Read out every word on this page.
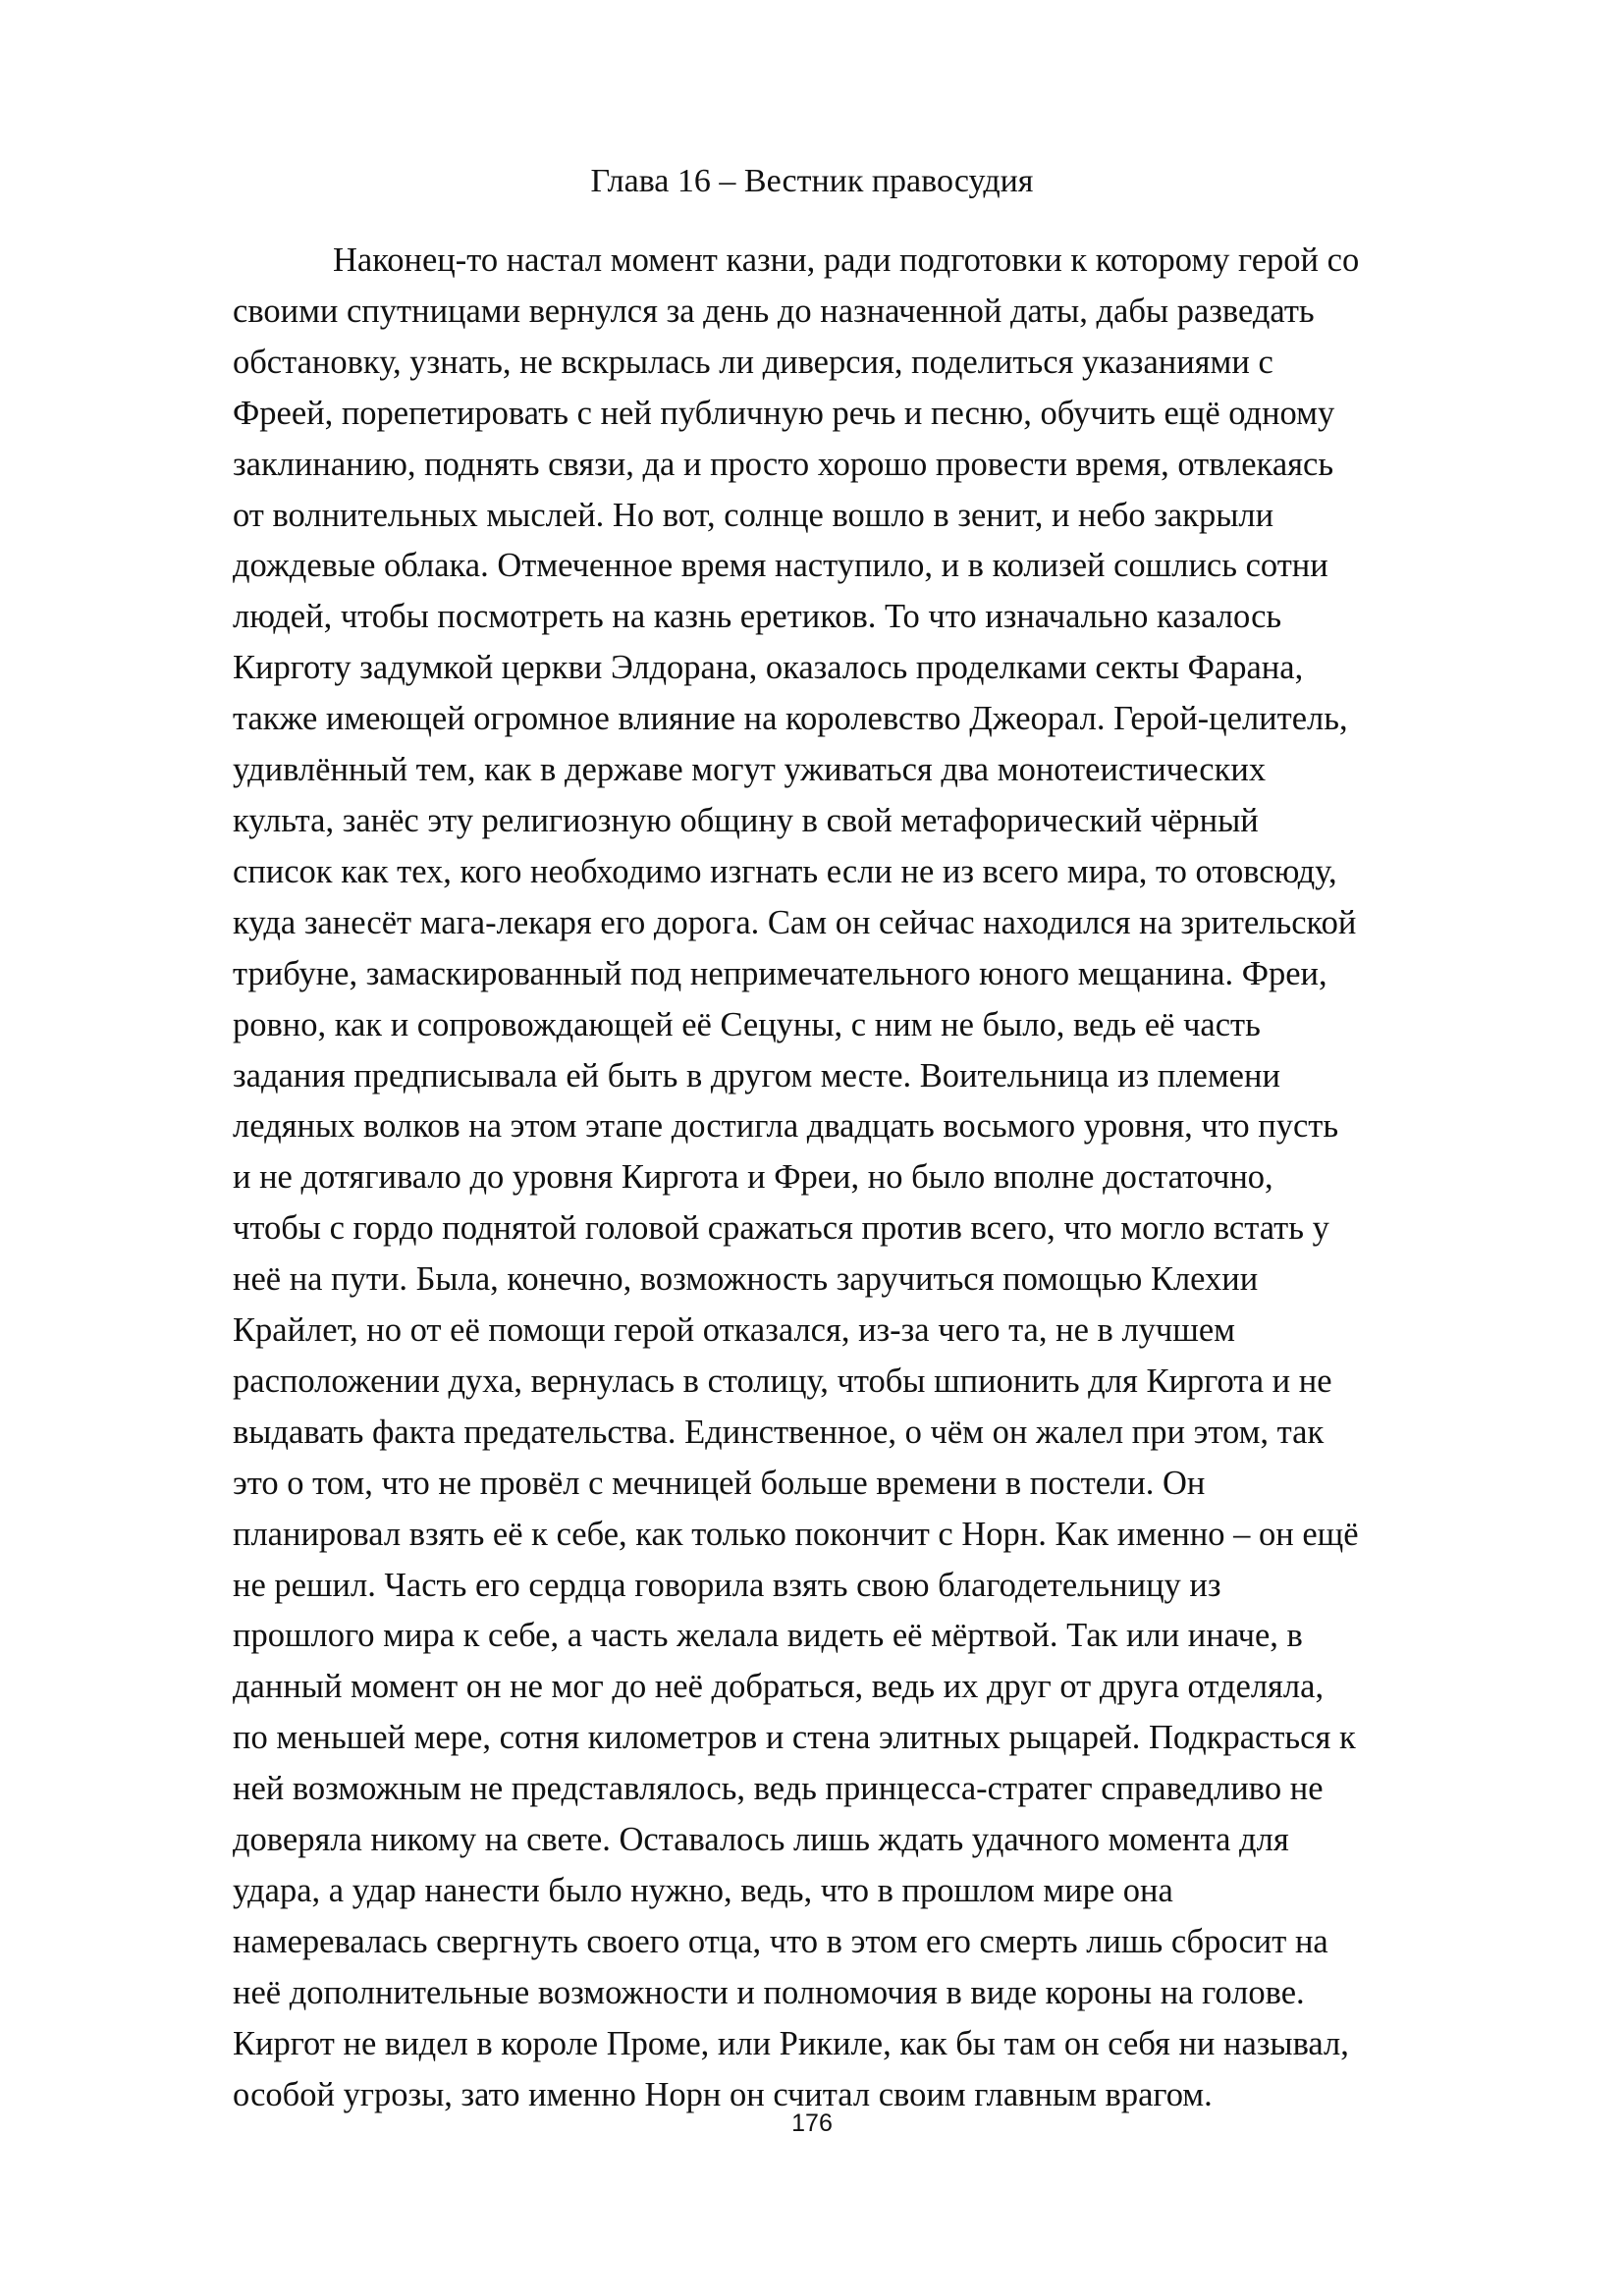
Глава 16 – Вестник правосудия
Наконец-то настал момент казни, ради подготовки к которому герой со
своими спутницами вернулся за день до назначенной даты, дабы разведать
обстановку, узнать, не вскрылась ли диверсия, поделиться указаниями с
Фреей, порепетировать с ней публичную речь и песню, обучить ещё одному
заклинанию, поднять связи, да и просто хорошо провести время, отвлекаясь
от волнительных мыслей. Но вот, солнце вошло в зенит, и небо закрыли
дождевые облака. Отмеченное время наступило, и в колизей сошлись сотни
людей, чтобы посмотреть на казнь еретиков. То что изначально казалось
Кирготу задумкой церкви Элдорана, оказалось проделками секты Фарана,
также имеющей огромное влияние на королевство Джеорал. Герой-целитель,
удивлённый тем, как в державе могут уживаться два монотеистических
культа, занёс эту религиозную общину в свой метафорический чёрный
список как тех, кого необходимо изгнать если не из всего мира, то отовсюду,
куда занесёт мага-лекаря его дорога. Сам он сейчас находился на зрительской
трибуне, замаскированный под непримечательного юного мещанина. Фреи,
ровно, как и сопровождающей её Сецуны, с ним не было, ведь её часть
задания предписывала ей быть в другом месте. Воительница из племени
ледяных волков на этом этапе достигла двадцать восьмого уровня, что пусть
и не дотягивало до уровня Киргота и Фреи, но было вполне достаточно,
чтобы с гордо поднятой головой сражаться против всего, что могло встать у
неё на пути. Была, конечно, возможность заручиться помощью Клехии
Крайлет, но от её помощи герой отказался, из-за чего та, не в лучшем
расположении духа, вернулась в столицу, чтобы шпионить для Киргота и не
выдавать факта предательства. Единственное, о чём он жалел при этом, так
это о том, что не провёл с мечницей больше времени в постели. Он
планировал взять её к себе, как только покончит с Норн. Как именно – он ещё
не решил. Часть его сердца говорила взять свою благодетельницу из
прошлого мира к себе, а часть желала видеть её мёртвой. Так или иначе, в
данный момент он не мог до неё добраться, ведь их друг от друга отделяла,
по меньшей мере, сотня километров и стена элитных рыцарей. Подкрасться к
ней возможным не представлялось, ведь принцесса-стратег справедливо не
доверяла никому на свете. Оставалось лишь ждать удачного момента для
удара, а удар нанести было нужно, ведь, что в прошлом мире она
намеревалась свергнуть своего отца, что в этом его смерть лишь сбросит на
неё дополнительные возможности и полномочия в виде короны на голове.
Киргот не видел в короле Проме, или Рикиле, как бы там он себя ни называл,
особой угрозы, зато именно Норн он считал своим главным врагом.
176
